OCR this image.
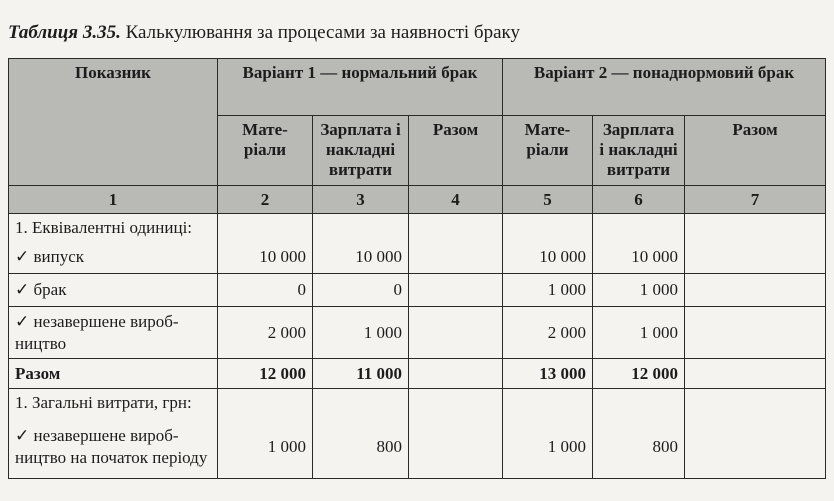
Таблиця 3.35. Калькулювання за процесами за наявності браку
Показник	Варіант 1 — нормальний брак			Варіант 2 — понаднормовий брак		
	Мате-ріали	Зарплата і накладні витрати	Разом	Мате-ріали	Зарплата і накладні витрати	Разом
1	2	3	4	5	6	7
1. Еквівалентні одиниці:						
✓ випуск	10 000	10 000		10 000	10 000	
✓ брак	0	0		1 000	1 000	
✓ незавершене вироб-ництво	2 000	1 000		2 000	1 000	
Разом	12 000	11 000		13 000	12 000	
1. Загальні витрати, грн:						
✓ незавершене вироб-ництво на початок періоду	1 000	800		1 000	800	
